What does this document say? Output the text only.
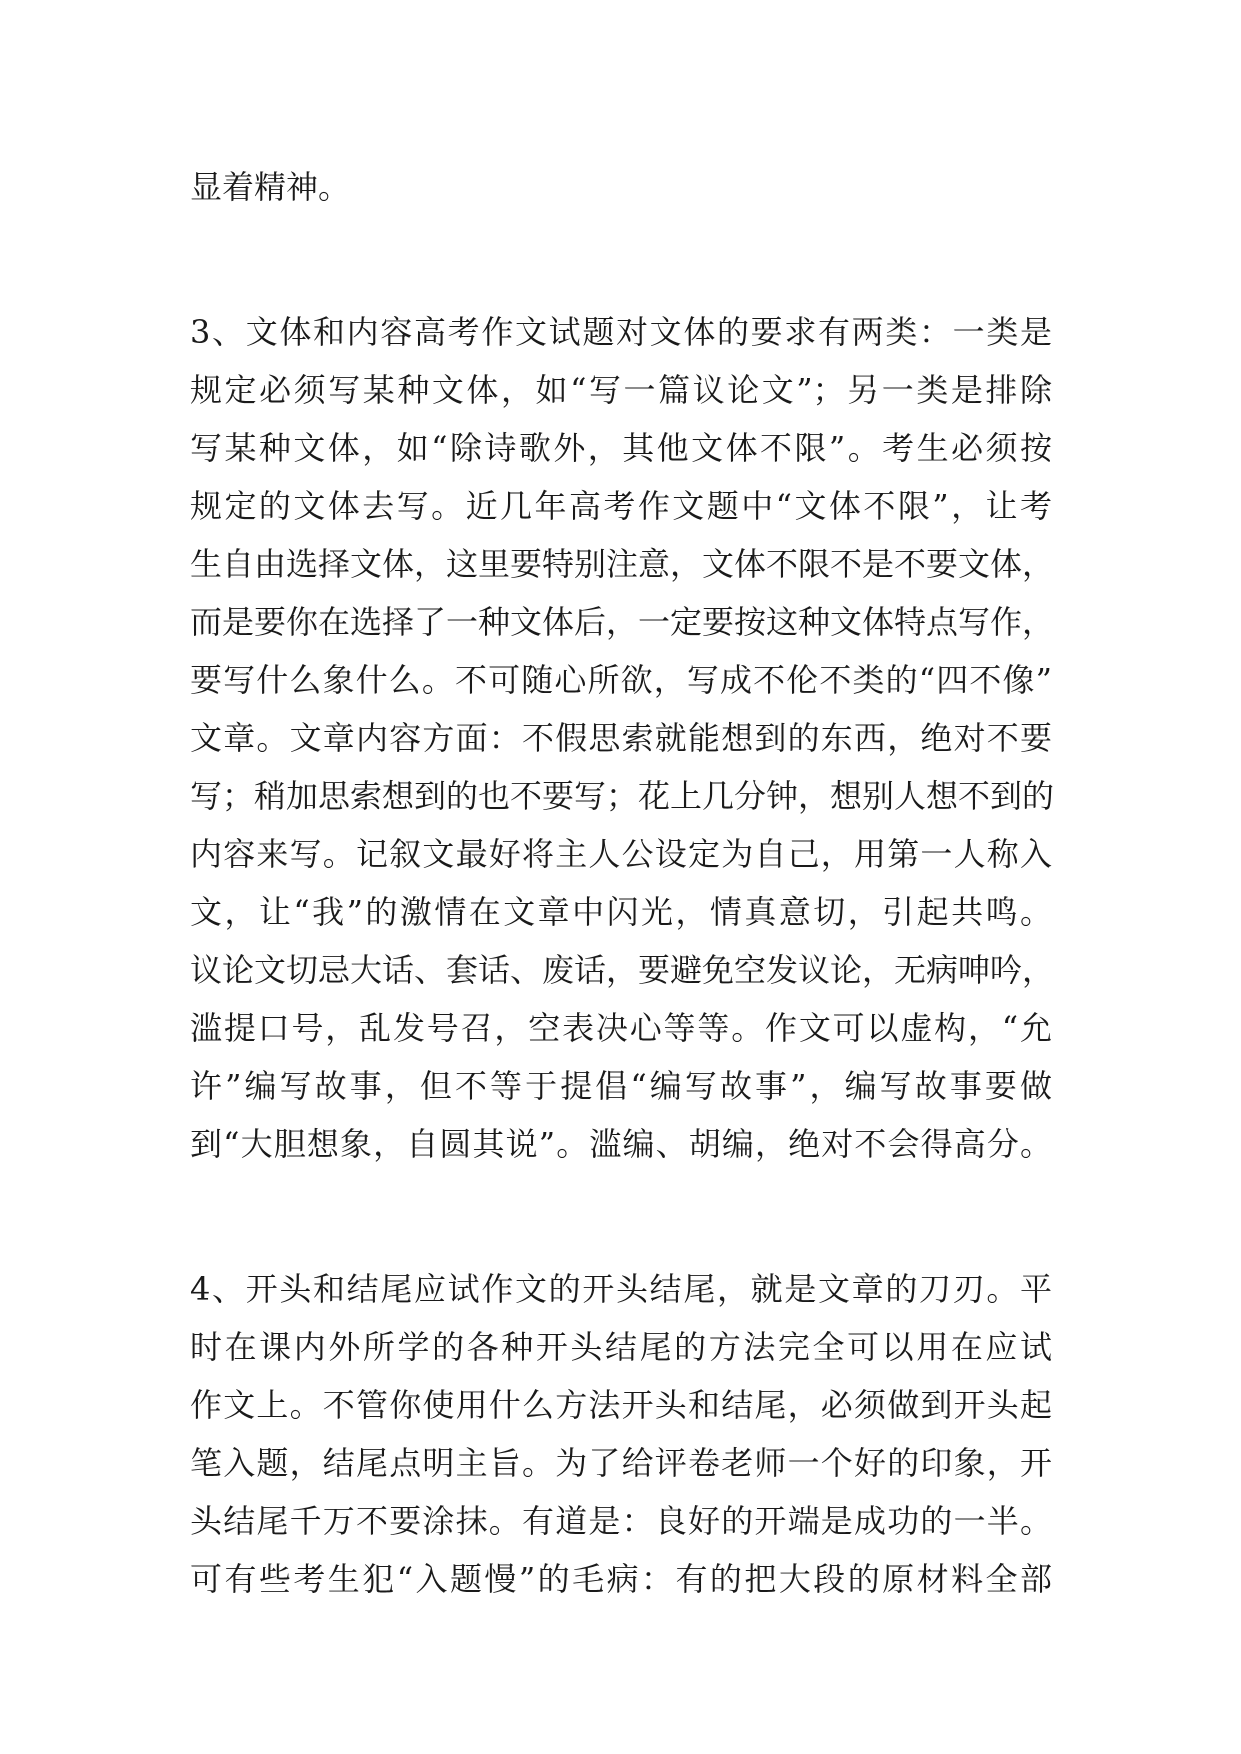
显着精神。
3、文体和内容高考作文试题对文体的要求有两类：一类是
规定必须写某种文体，如“写一篇议论文”；另一类是排除
写某种文体，如“除诗歌外，其他文体不限”。考生必须按
规定的文体去写。近几年高考作文题中“文体不限”，让考
生自由选择文体，这里要特别注意，文体不限不是不要文体，
而是要你在选择了一种文体后，一定要按这种文体特点写作，
要写什么象什么。不可随心所欲，写成不伦不类的“四不像”
文章。文章内容方面：不假思索就能想到的东西，绝对不要
写；稍加思索想到的也不要写；花上几分钟，想别人想不到的
内容来写。记叙文最好将主人公设定为自己，用第一人称入
文，让“我”的激情在文章中闪光，情真意切，引起共鸣。
议论文切忌大话、套话、废话，要避免空发议论，无病呻吟，
滥提口号，乱发号召，空表决心等等。作文可以虚构，“允
许”编写故事，但不等于提倡“编写故事”，编写故事要做
到“大胆想象，自圆其说”。滥编、胡编，绝对不会得高分。
4、开头和结尾应试作文的开头结尾，就是文章的刀刃。平
时在课内外所学的各种开头结尾的方法完全可以用在应试
作文上。不管你使用什么方法开头和结尾，必须做到开头起
笔入题，结尾点明主旨。为了给评卷老师一个好的印象，开
头结尾千万不要涂抹。有道是：良好的开端是成功的一半。
可有些考生犯“入题慢”的毛病：有的把大段的原材料全部
